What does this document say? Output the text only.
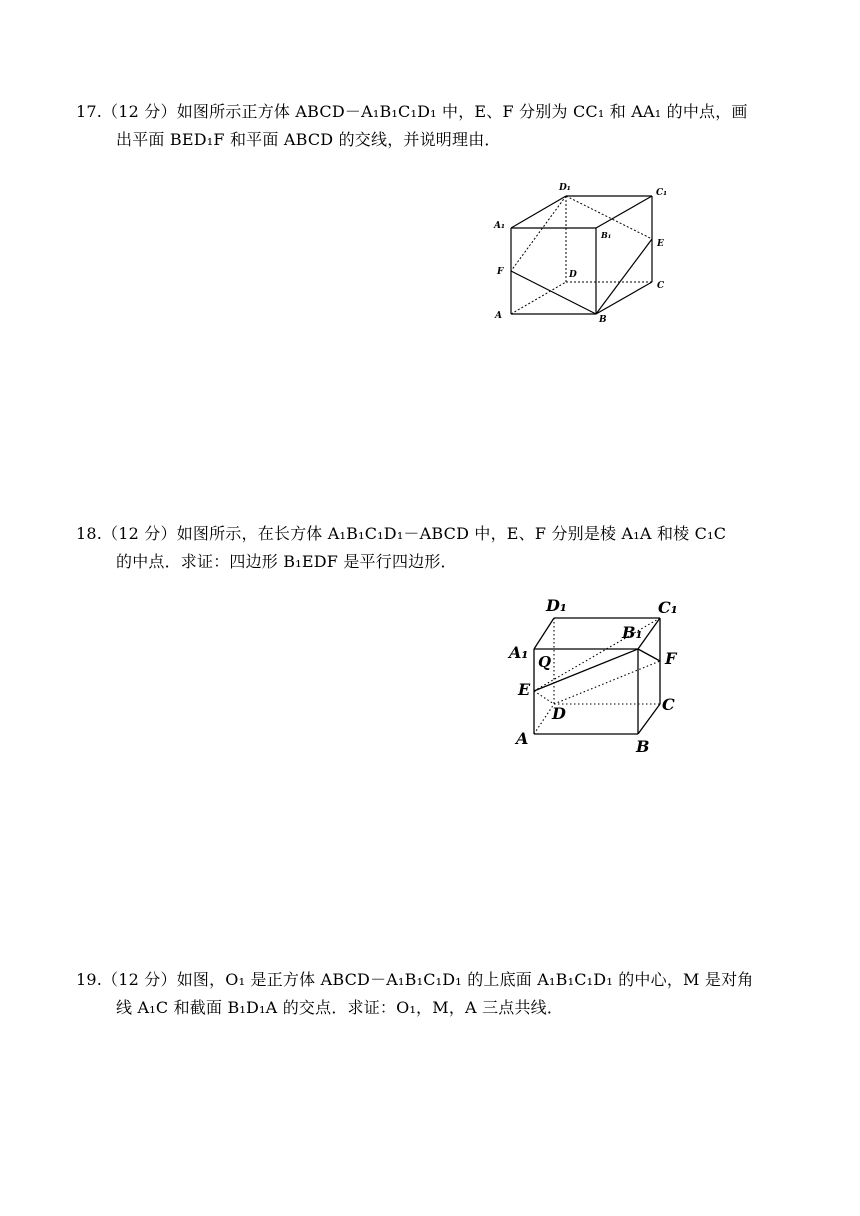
17.（12 分）如图所示正方体 ABCD－A₁B₁C₁D₁ 中，E、F 分别为 CC₁ 和 AA₁ 的中点，画
出平面 BED₁F 和平面 ABCD 的交线，并说明理由．
D₁	C₁
A₁
B₁
E
F	D
C
A	B
18.（12 分）如图所示，在长方体 A₁B₁C₁D₁－ABCD 中，E、F 分别是棱 A₁A 和棱 C₁C
的中点．求证：四边形 B₁EDF 是平行四边形．
D₁	C₁
B₁
A₁ Q	F
E
D	C
A	B
19.（12 分）如图，O₁ 是正方体 ABCD－A₁B₁C₁D₁ 的上底面 A₁B₁C₁D₁ 的中心，M 是对角
线 A₁C 和截面 B₁D₁A 的交点．求证：O₁，M，A 三点共线．
